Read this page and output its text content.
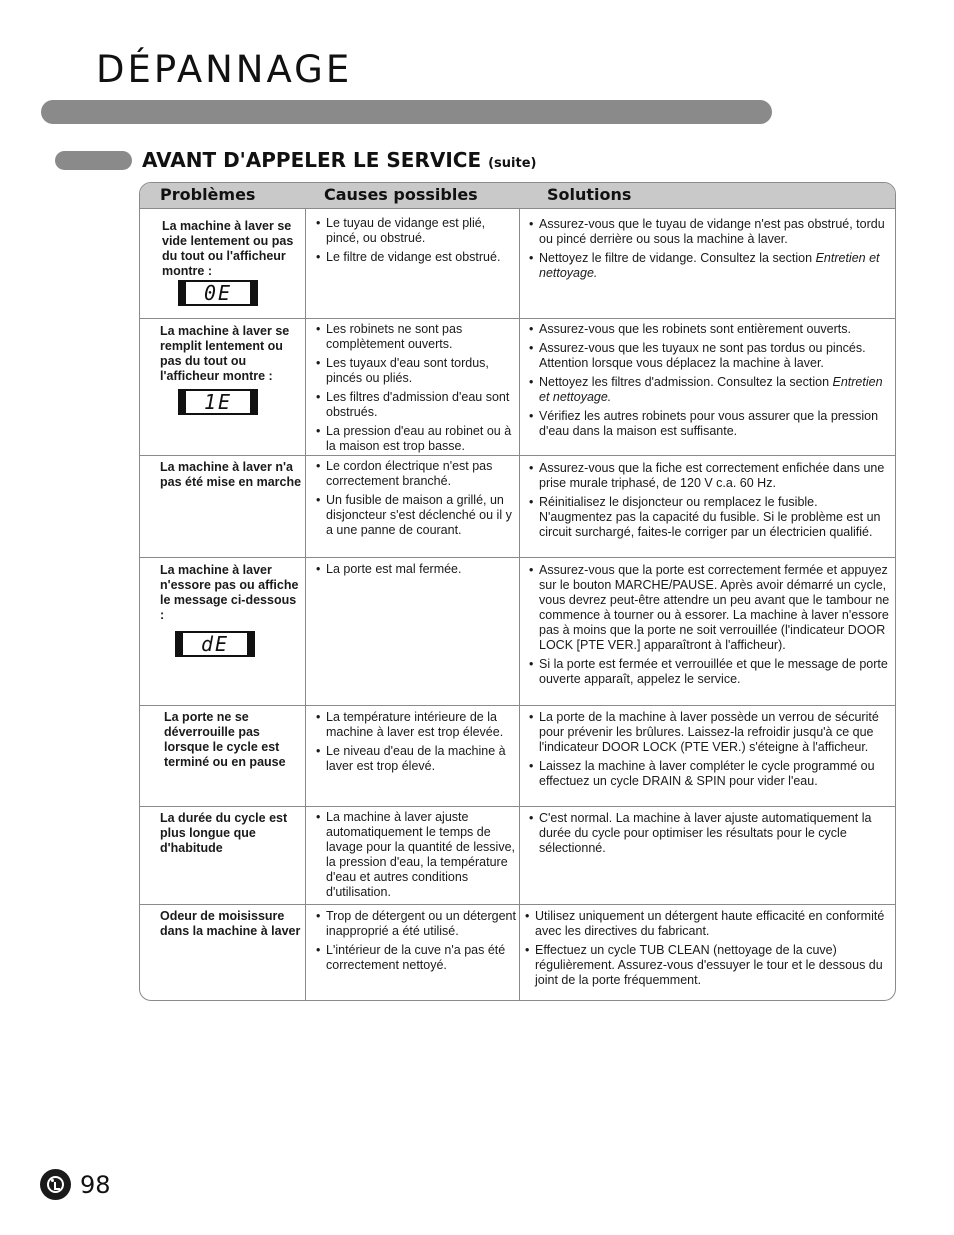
DÉPANNAGE
AVANT D'APPELER LE SERVICE (suite)
Problèmes	Causes possibles	Solutions
La machine à laver se vide lentement ou pas du tout ou l'afficheur montre :
0E
• Le tuyau de vidange est plié, pincé, ou obstrué.
• Le filtre de vidange est obstrué.
• Assurez-vous que le tuyau de vidange n'est pas obstrué, tordu ou pincé derrière ou sous la machine à laver.
• Nettoyez le filtre de vidange. Consultez la section Entretien et nettoyage.
La machine à laver se remplit lentement ou pas du tout ou l'afficheur montre :
1E
• Les robinets ne sont pas complètement ouverts.
• Les tuyaux d'eau sont tordus, pincés ou pliés.
• Les filtres d'admission d'eau sont obstrués.
• La pression d'eau au robinet ou à la maison est trop basse.
• Assurez-vous que les robinets sont entièrement ouverts.
• Assurez-vous que les tuyaux ne sont pas tordus ou pincés. Attention lorsque vous déplacez la machine à laver.
• Nettoyez les filtres d'admission. Consultez la section Entretien et nettoyage.
• Vérifiez les autres robinets pour vous assurer que la pression d'eau dans la maison est suffisante.
La machine à laver n'a pas été mise en marche
• Le cordon électrique n'est pas correctement branché.
• Un fusible de maison a grillé, un disjoncteur s'est déclenché ou il y a une panne de courant.
• Assurez-vous que la fiche est correctement enfichée dans une prise murale triphasé, de 120 V c.a. 60 Hz.
• Réinitialisez le disjoncteur ou remplacez le fusible. N'augmentez pas la capacité du fusible. Si le problème est un circuit surchargé, faites-le corriger par un électricien qualifié.
La machine à laver n'essore pas ou affiche le message ci-dessous :
dE
• La porte est mal fermée.
•	Assurez-vous que la porte est correctement fermée et appuyez sur le bouton MARCHE/PAUSE. Après avoir démarré un cycle, vous devrez peut-être attendre un peu avant que le tambour ne commence à tourner ou à essorer. La machine à laver n'essore pas à moins que la porte ne soit verrouillée (l'indicateur DOOR LOCK [PTE VER.] apparaîtront à l'afficheur).
• Si la porte est fermée et verrouillée et que le message de porte ouverte apparaît, appelez le service.
La porte ne se déverrouille pas lorsque le cycle est terminé ou en pause
• La température intérieure de la machine à laver est trop élevée.
• Le niveau d'eau de la machine à laver est trop élevé.
• La porte de la machine à laver possède un verrou de sécurité pour prévenir les brûlures. Laissez-la refroidir jusqu'à ce que l'indicateur DOOR LOCK (PTE VER.) s'éteigne à l'afficheur.
• Laissez la machine à laver compléter le cycle programmé ou effectuez un cycle DRAIN & SPIN pour vider l'eau.
La durée du cycle est plus longue que d'habitude
• La machine à laver ajuste automatiquement le temps de lavage pour la quantité de lessive, la pression d'eau, la température d'eau et autres conditions d'utilisation.
• C'est normal. La machine à laver ajuste automatiquement la durée du cycle pour optimiser les résultats pour le cycle sélectionné.
Odeur de moisissure dans la machine à laver
• Trop de détergent ou un détergent inapproprié a été utilisé.
• L'intérieur de la cuve n'a pas été correctement nettoyé.
• Utilisez uniquement un détergent haute efficacité en conformité avec les directives du fabricant.
• Effectuez un cycle TUB CLEAN (nettoyage de la cuve) régulièrement. Assurez-vous d'essuyer le tour et le dessous du joint de la porte fréquemment.
98
